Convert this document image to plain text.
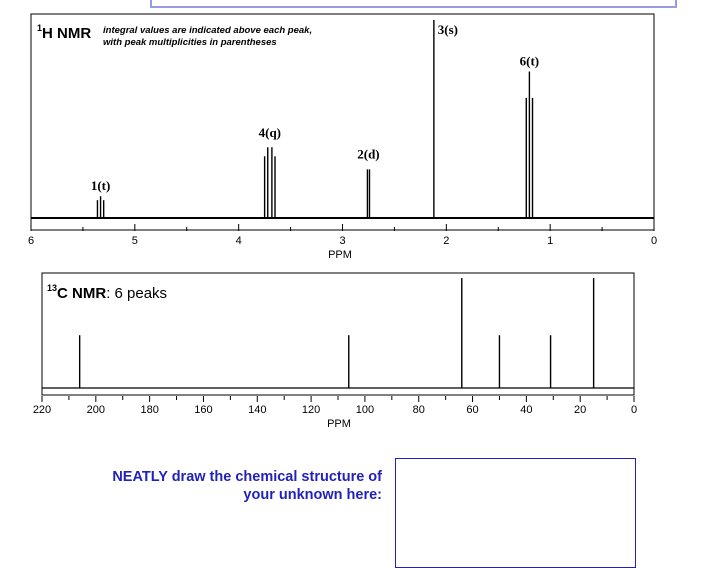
$^1$H NMR integral values are indicated above each peak,
with peak multiplicities in parentheses
6	5	4	3	2	1	0
1(t)
4(q)
2(d)
3(s)
6(t)
PPM
$^{13}$C NMR: 6 peaks
220	200	180	160	140	120	100	80	60	40	20	0
PPM
NEATLY draw the chemical structure of
your unknown here:
